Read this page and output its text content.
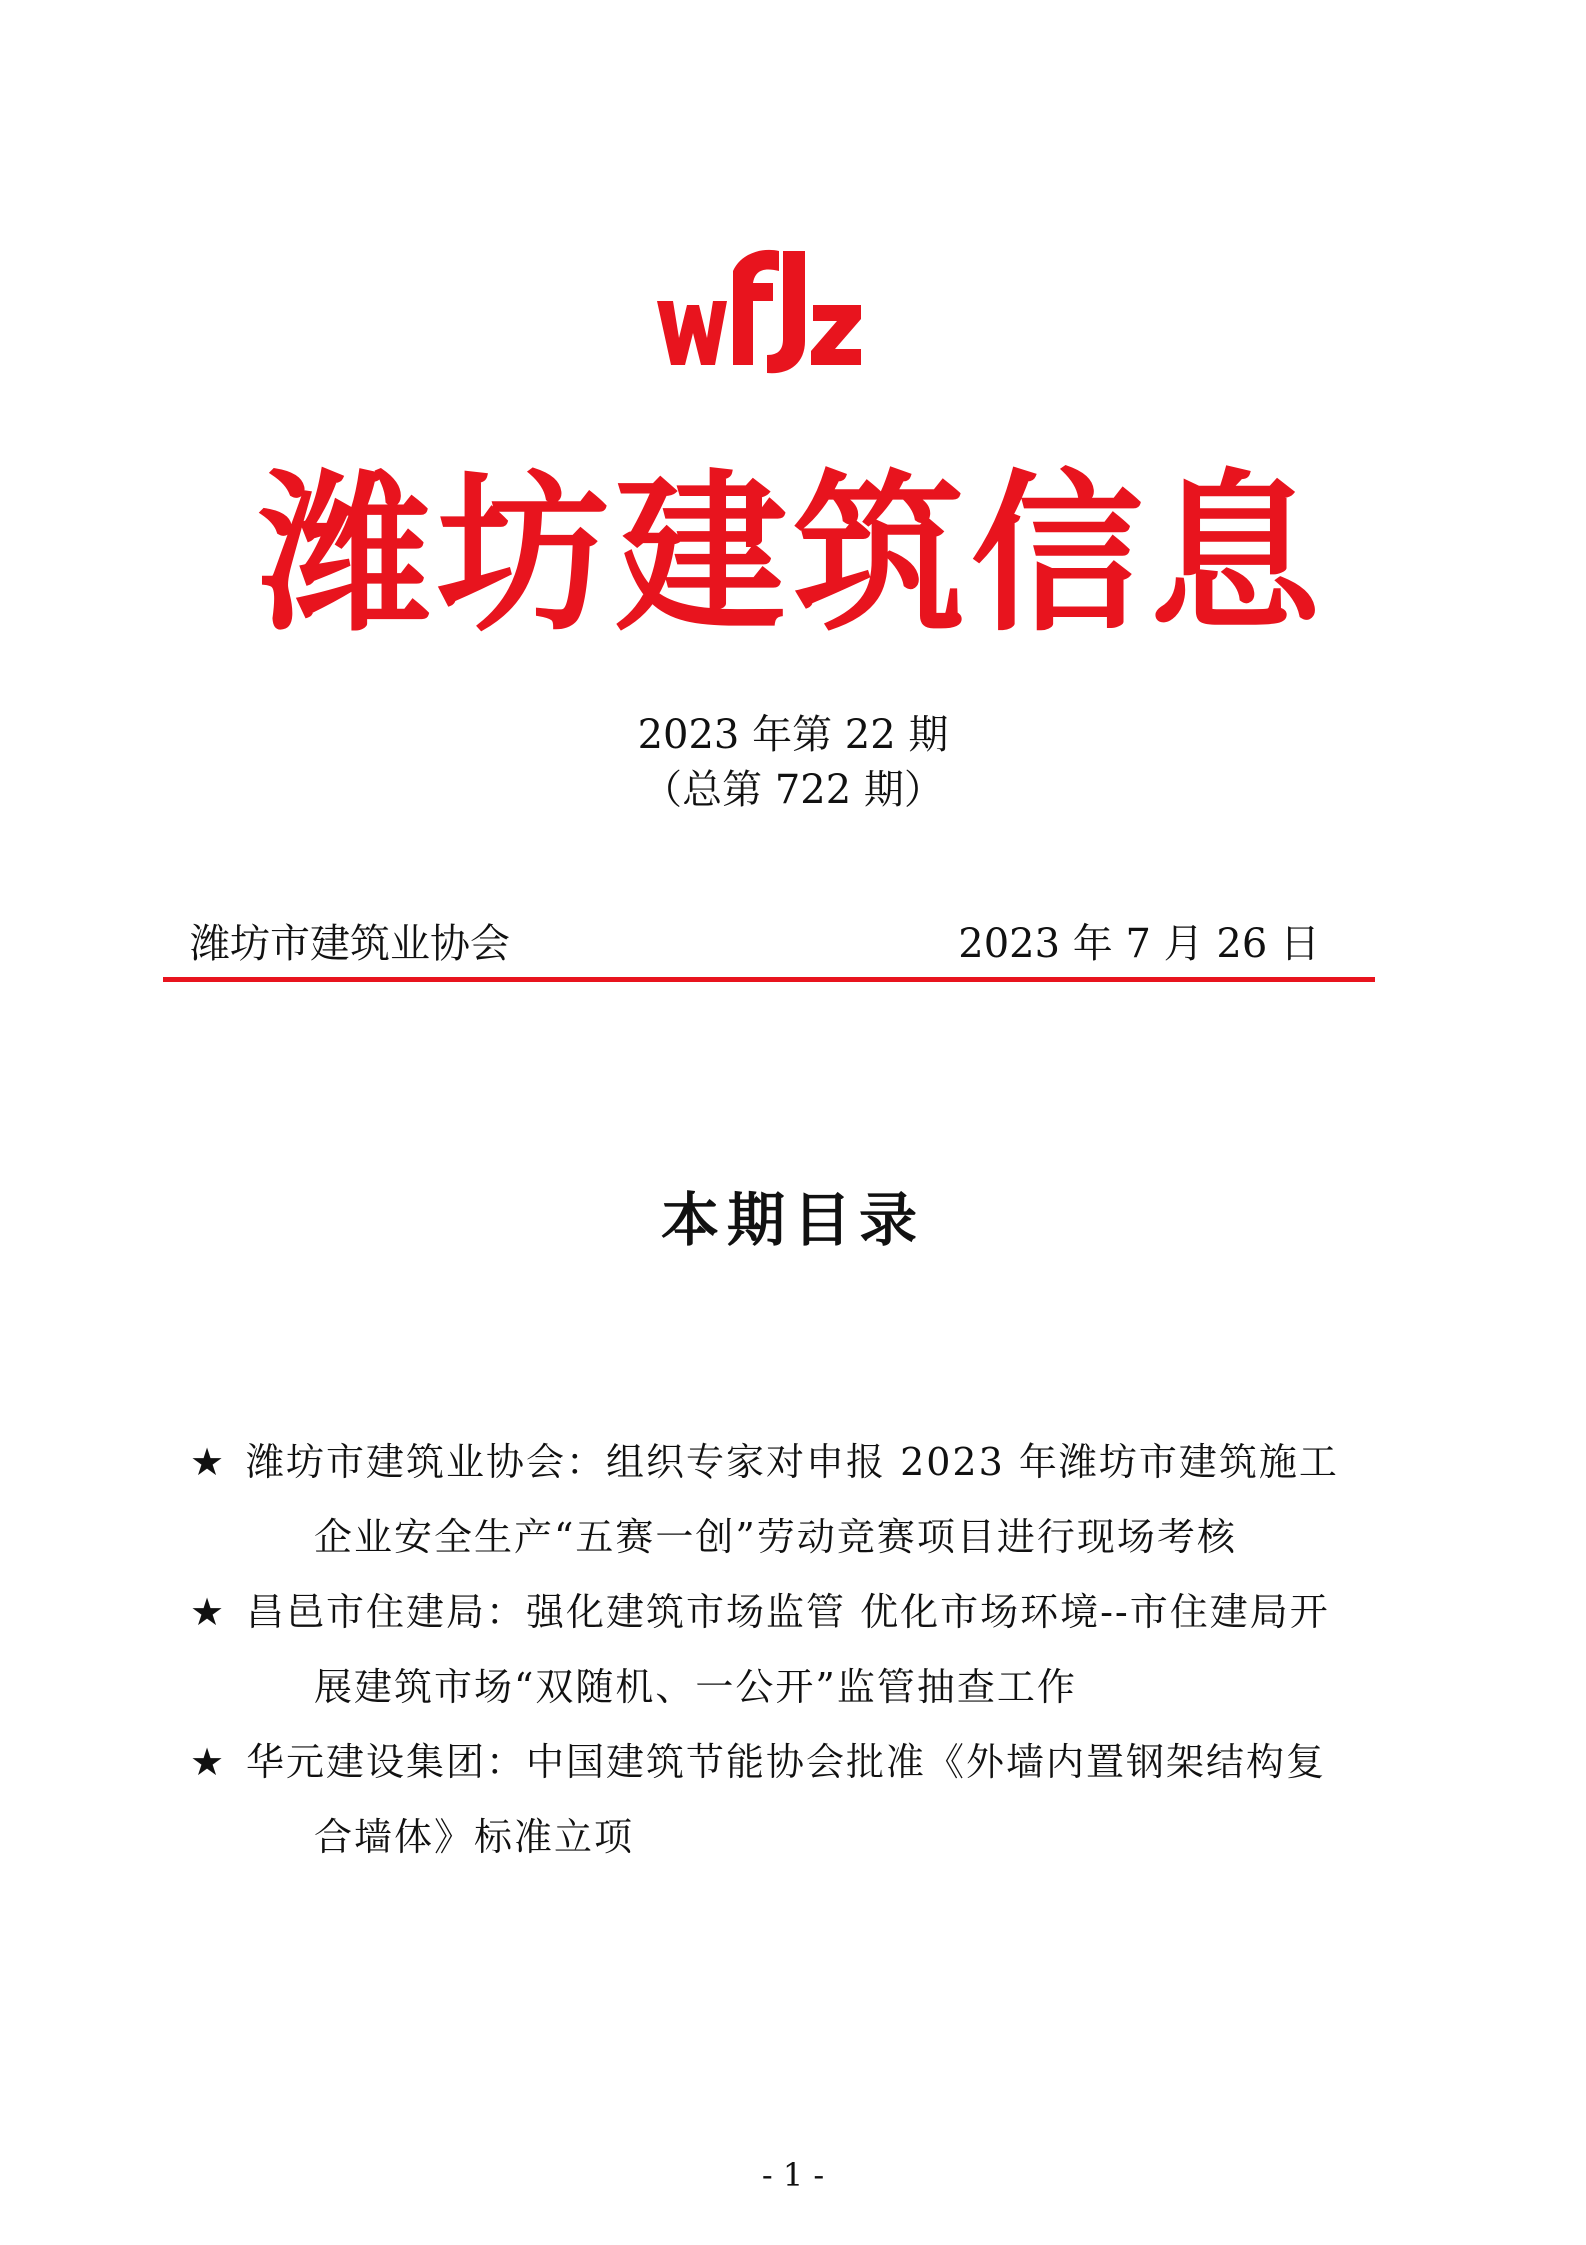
潍坊建筑信息
2023 年第 22 期
（总第 722 期）
潍坊市建筑业协会	2023 年 7 月 26 日
本期目录
★ 潍坊市建筑业协会：组织专家对申报 2023 年潍坊市建筑施工
企业安全生产“五赛一创”劳动竞赛项目进行现场考核
★ 昌邑市住建局：强化建筑市场监管 优化市场环境--市住建局开
展建筑市场“双随机、一公开”监管抽查工作
★ 华元建设集团：中国建筑节能协会批准《外墙内置钢架结构复
合墙体》标准立项
- 1 -
